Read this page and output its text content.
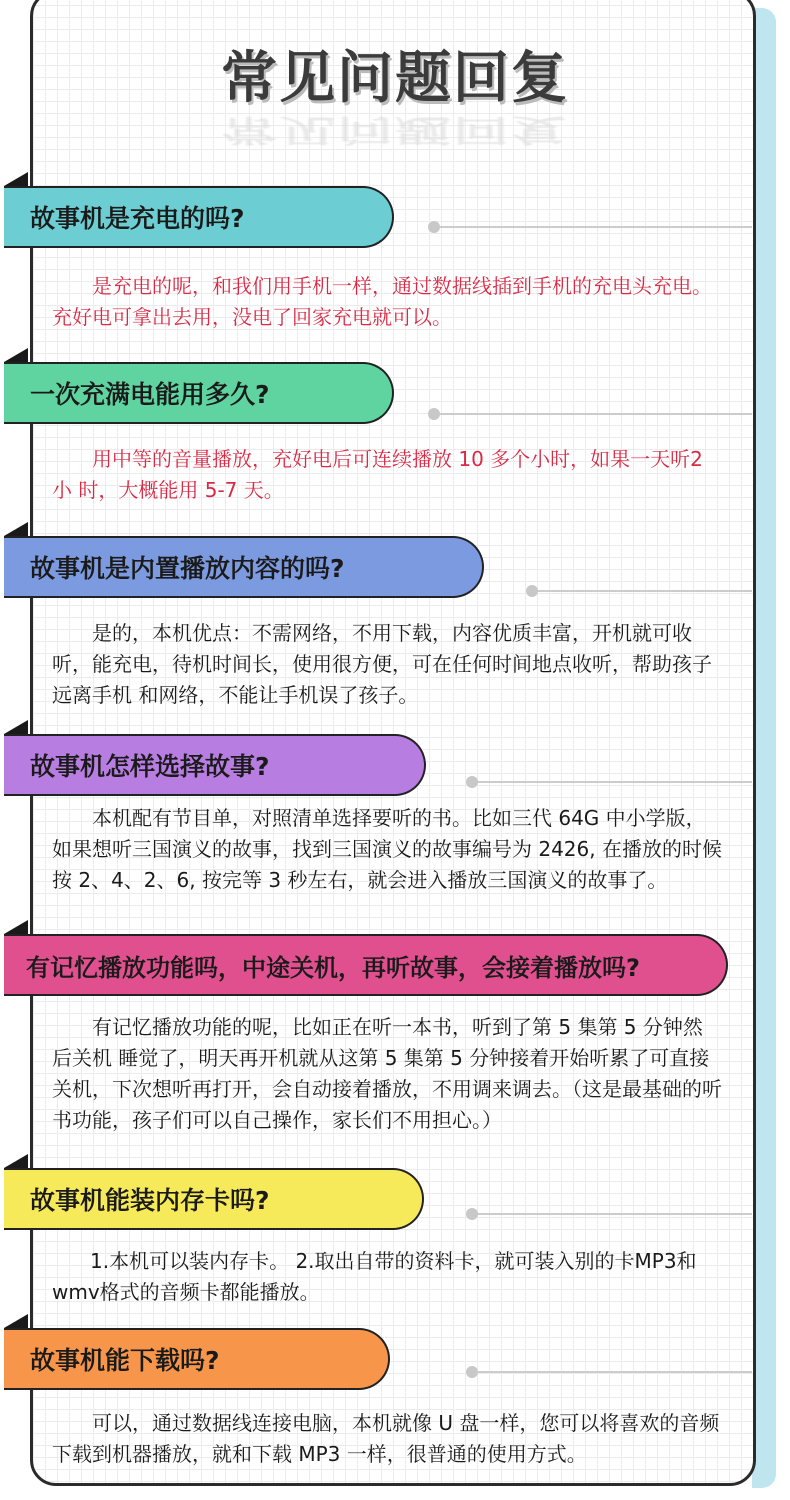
常见问题回复
常见问题回复
故事机是充电的吗?
是充电的呢，和我们用手机一样，通过数据线插到手机的充电头充电。充好电可拿出去用，没电了回家充电就可以。
一次充满电能用多久?
用中等的音量播放，充好电后可连续播放 10 多个小时，如果一天听2小 时，大概能用 5-7 天。
故事机是内置播放内容的吗?
是的，本机优点：不需网络，不用下载，内容优质丰富，开机就可收听，能充电，待机时间长，使用很方便，可在任何时间地点收听，帮助孩子远离手机 和网络，不能让手机误了孩子。
故事机怎样选择故事?
本机配有节目单，对照清单选择要听的书。比如三代 64G 中小学版，如果想听三国演义的故事，找到三国演义的故事编号为 2426, 在播放的时候按 2、4、2、6, 按完等 3 秒左右，就会进入播放三国演义的故事了。
有记忆播放功能吗，中途关机，再听故事，会接着播放吗?
有记忆播放功能的呢，比如正在听一本书，听到了第 5 集第 5 分钟然后关机 睡觉了，明天再开机就从这第 5 集第 5 分钟接着开始听累了可直接关机，下次想听再打开，会自动接着播放，不用调来调去。（这是最基础的听书功能，孩子们可以自己操作，家长们不用担心。）
故事机能装内存卡吗?
1.本机可以装内存卡。 2.取出自带的资料卡，就可装入别的卡MP3和wmv格式的音频卡都能播放。
故事机能下载吗?
可以，通过数据线连接电脑，本机就像 U 盘一样，您可以将喜欢的音频下载到机器播放，就和下载 MP3 一样，很普通的使用方式。
